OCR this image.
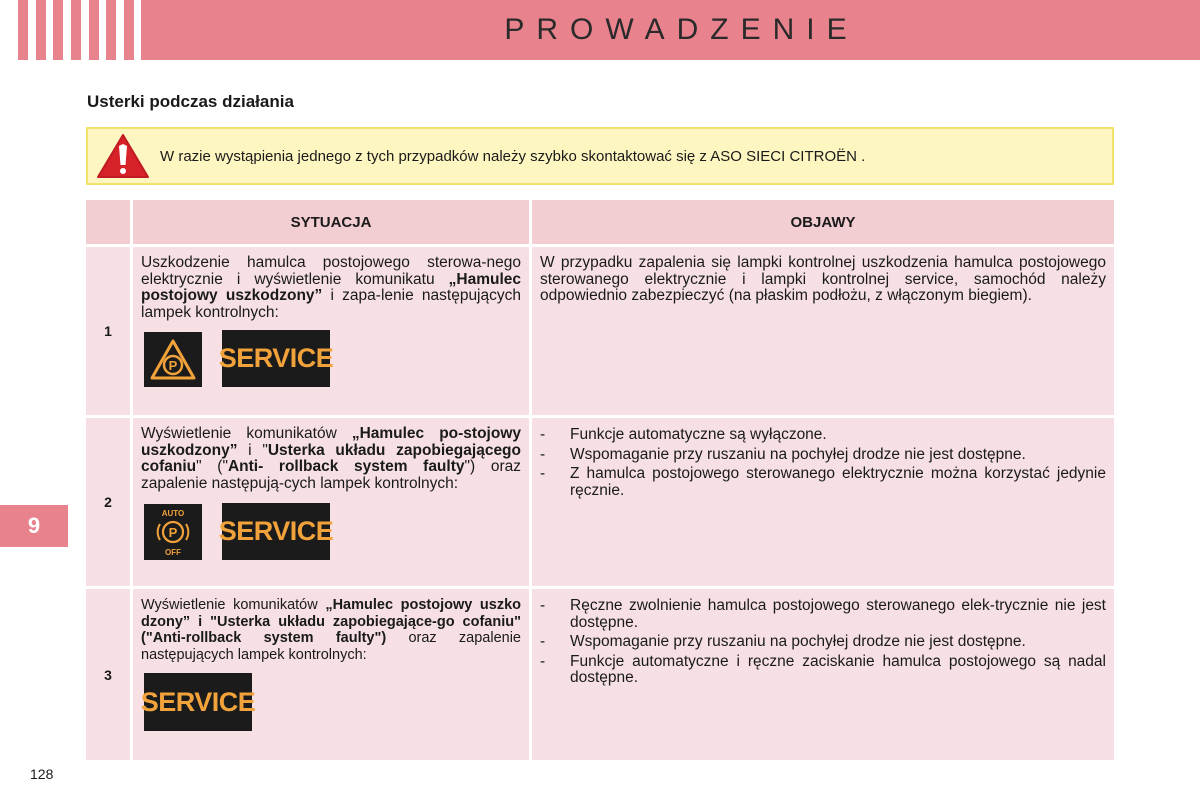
PROWADZENIE
Usterki podczas działania
W razie wystąpienia jednego z tych przypadków należy szybko skontaktować się z ASO SIECI CITROËN .
SYTUACJA	OBJAWY
1

Uszkodzenie hamulca postojowego sterowa-nego elektrycznie i wyświetlenie komunikatu „Hamulec postojowy uszkodzony” i zapa-lenie następujących lampek kontrolnych:

P SERVICE

W przypadku zapalenia się lampki kontrolnej uszkodzenia hamulca postojowego sterowanego elektrycznie i lampki kontrolnej service, samochód należy odpowiednio zabezpieczyć (na płaskim podłożu, z włączonym biegiem).

2

Wyświetlenie komunikatów „Hamulec po-stojowy uszkodzony” i "Usterka układu zapobiegającego cofaniu" ("Anti- rollback system faulty") oraz zapalenie następują-cych lampek kontrolnych:

AUTO
P
OFF
SERVICE
- Funkcje automatyczne są wyłączone.
- Wspomaganie przy ruszaniu na pochyłej drodze nie jest dostępne.
- Z hamulca postojowego sterowanego elektrycznie można korzystać jedynie ręcznie.
3

Wyświetlenie komunikatów „Hamulec postojowy uszko dzony” i "Usterka układu zapobiegające-go cofaniu" ("Anti-rollback system faulty") oraz zapalenie następujących lampek kontrolnych:

SERVICE
- Ręczne zwolnienie hamulca postojowego sterowanego elek-trycznie nie jest dostępne.
- Wspomaganie przy ruszaniu na pochyłej drodze nie jest dostępne.
- Funkcje automatyczne i ręczne zaciskanie hamulca postojowego są nadal dostępne.
9
128
